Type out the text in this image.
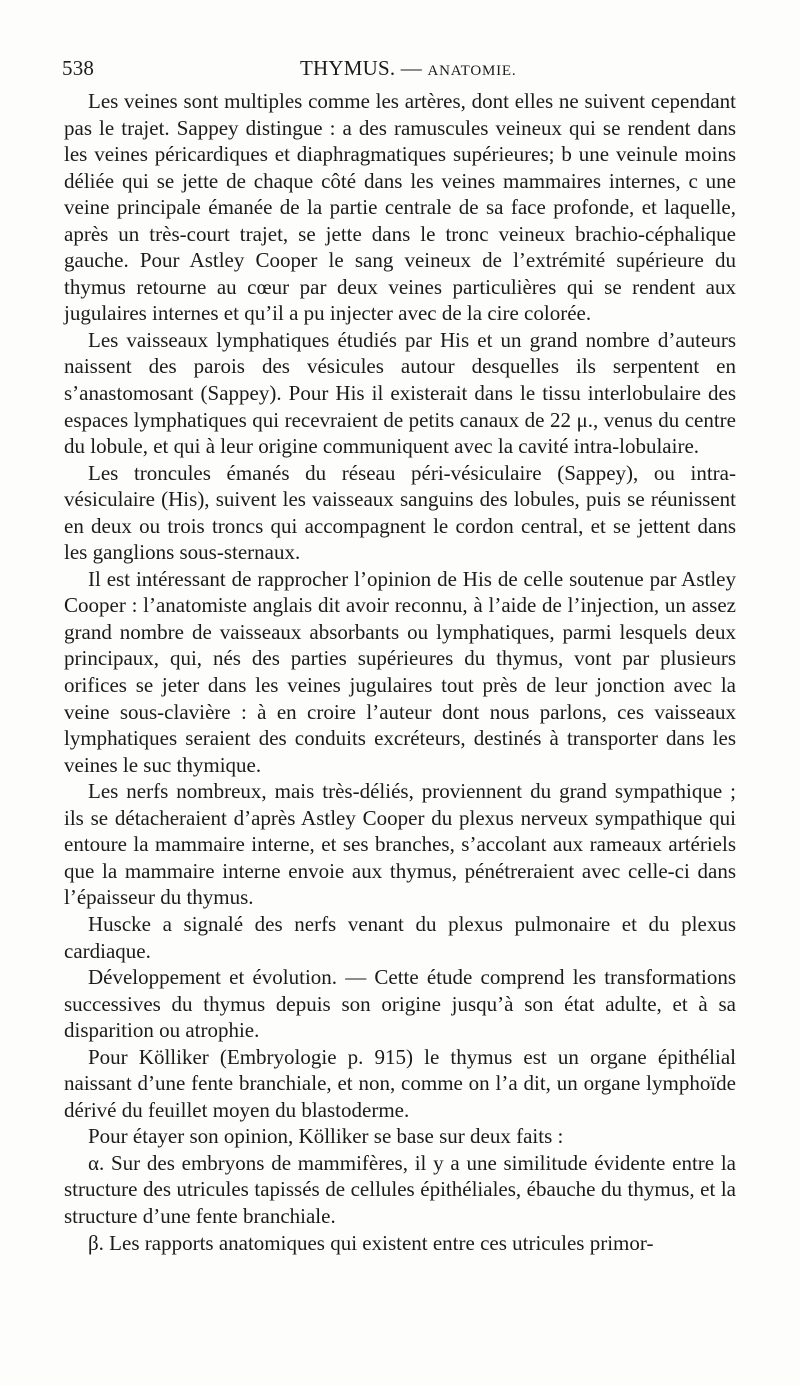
538	THYMUS. — ANATOMIE.

Les veines sont multiples comme les artères, dont elles ne suivent cependant pas le trajet. Sappey distingue : a des ramuscules veineux qui se rendent dans les veines péricardiques et diaphragmatiques supérieures; b une veinule moins déliée qui se jette de chaque côté dans les veines mammaires internes, c une veine principale émanée de la partie centrale de sa face profonde, et laquelle, après un très-court trajet, se jette dans le tronc veineux brachio-céphalique gauche. Pour Astley Cooper le sang veineux de l’extrémité supérieure du thymus retourne au cœur par deux veines particulières qui se rendent aux jugulaires internes et qu’il a pu injecter avec de la cire colorée.

Les vaisseaux lymphatiques étudiés par His et un grand nombre d’auteurs naissent des parois des vésicules autour desquelles ils serpentent en s’anastomosant (Sappey). Pour His il existerait dans le tissu interlobulaire des espaces lymphatiques qui recevraient de petits canaux de 22 μ., venus du centre du lobule, et qui à leur origine communiquent avec la cavité intra-lobulaire.

Les troncules émanés du réseau péri-vésiculaire (Sappey), ou intra-vésiculaire (His), suivent les vaisseaux sanguins des lobules, puis se réunissent en deux ou trois troncs qui accompagnent le cordon central, et se jettent dans les ganglions sous-sternaux.

Il est intéressant de rapprocher l’opinion de His de celle soutenue par Astley Cooper : l’anatomiste anglais dit avoir reconnu, à l’aide de l’injection, un assez grand nombre de vaisseaux absorbants ou lymphatiques, parmi lesquels deux principaux, qui, nés des parties supérieures du thymus, vont par plusieurs orifices se jeter dans les veines jugulaires tout près de leur jonction avec la veine sous-clavière : à en croire l’auteur dont nous parlons, ces vaisseaux lymphatiques seraient des conduits excréteurs, destinés à transporter dans les veines le suc thymique.

Les nerfs nombreux, mais très-déliés, proviennent du grand sympathique ; ils se détacheraient d’après Astley Cooper du plexus nerveux sympathique qui entoure la mammaire interne, et ses branches, s’accolant aux rameaux artériels que la mammaire interne envoie aux thymus, pénétreraient avec celle-ci dans l’épaisseur du thymus.

Huscke a signalé des nerfs venant du plexus pulmonaire et du plexus cardiaque.

Développement et évolution. — Cette étude comprend les transformations successives du thymus depuis son origine jusqu’à son état adulte, et à sa disparition ou atrophie.

Pour Kölliker (Embryologie p. 915) le thymus est un organe épithélial naissant d’une fente branchiale, et non, comme on l’a dit, un organe lymphoïde dérivé du feuillet moyen du blastoderme.

Pour étayer son opinion, Kölliker se base sur deux faits :

α. Sur des embryons de mammifères, il y a une similitude évidente entre la structure des utricules tapissés de cellules épithéliales, ébauche du thymus, et la structure d’une fente branchiale.

β. Les rapports anatomiques qui existent entre ces utricules primor-
